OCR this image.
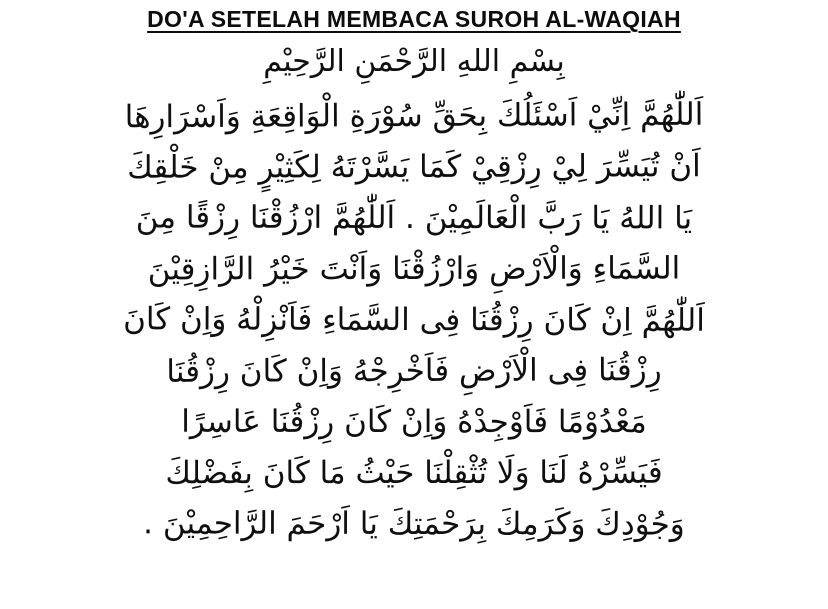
DO'A SETELAH MEMBACA SUROH AL-WAQIAH
بِسْمِ اللهِ الرَّحْمَنِ الرَّحِيْمِ
اَللّٰهُمَّ اِنِّيْ اَسْئَلُكَ بِحَقِّ سُوْرَةِ الْوَاقِعَةِ وَاَسْرَارِهَا
اَنْ تُيَسِّرَ لِيْ رِزْقِيْ كَمَا يَسَّرْتَهُ لِكَثِيْرٍ مِنْ خَلْقِكَ
يَا اللهُ يَا رَبَّ الْعَالَمِيْنَ . اَللّٰهُمَّ ارْزُقْنَا رِزْقًا مِنَ
السَّمَاءِ وَالْاَرْضِ وَارْزُقْنَا وَاَنْتَ خَيْرُ الرَّازِقِيْنَ
اَللّٰهُمَّ اِنْ كَانَ رِزْقُنَا فِى السَّمَاءِ فَاَنْزِلْهُ وَاِنْ كَانَ
رِزْقُنَا فِى الْاَرْضِ فَاَخْرِجْهُ وَاِنْ كَانَ رِزْقُنَا
مَعْدُوْمًا فَاَوْجِدْهُ وَاِنْ كَانَ رِزْقُنَا عَاسِرًا
فَيَسِّرْهُ لَنَا وَلَا تُثْقِلْنَا حَيْثُ مَا كَانَ بِفَضْلِكَ
وَجُوْدِكَ وَكَرَمِكَ بِرَحْمَتِكَ يَا اَرْحَمَ الرَّاحِمِيْنَ .
